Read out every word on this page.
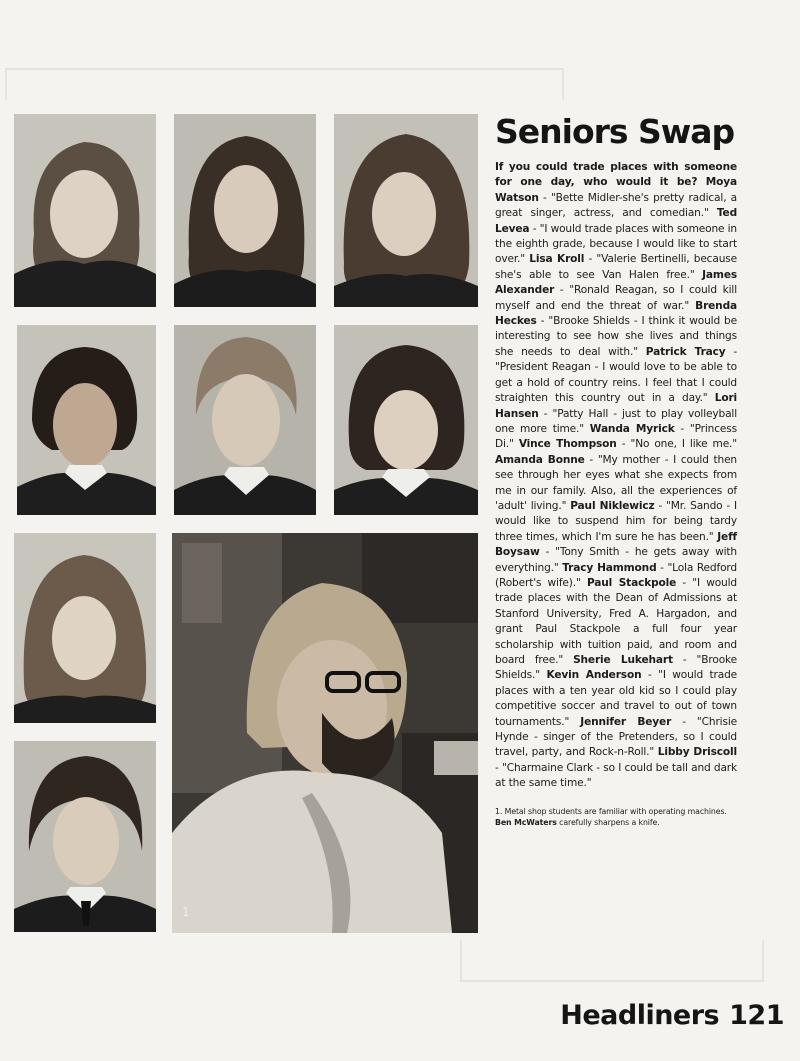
1
Seniors Swap

If you could trade places with someone for one day, who would it be? Moya Watson - "Bette Midler-she's pretty radical, a great singer, actress, and comedian." Ted Levea - "I would trade places with someone in the eighth grade, because I would like to start over." Lisa Kroll - "Valerie Bertinelli, because she's able to see Van Halen free." James Alexander - "Ronald Reagan, so I could kill myself and end the threat of war." Brenda Heckes - "Brooke Shields - I think it would be interesting to see how she lives and things she needs to deal with." Patrick Tracy - "President Reagan - I would love to be able to get a hold of country reins. I feel that I could straighten this country out in a day." Lori Hansen - "Patty Hall - just to play volleyball one more time." Wanda Myrick - "Princess Di." Vince Thompson - "No one, I like me." Amanda Bonne - "My mother - I could then see through her eyes what she expects from me in our family. Also, all the experiences of 'adult' living." Paul Niklewicz - "Mr. Sando - I would like to suspend him for being tardy three times, which I'm sure he has been." Jeff Boysaw - "Tony Smith - he gets away with everything." Tracy Hammond - "Lola Redford (Robert's wife)." Paul Stackpole - "I would trade places with the Dean of Admissions at Stanford University, Fred A. Hargadon, and grant Paul Stackpole a full four year scholarship with tuition paid, and room and board free." Sherie Lukehart - "Brooke Shields." Kevin Anderson - "I would trade places with a ten year old kid so I could play competitive soccer and travel to out of town tournaments." Jennifer Beyer - "Chrisie Hynde - singer of the Pretenders, so I could travel, party, and Rock-n-Roll." Libby Driscoll - "Charmaine Clark - so I could be tall and dark at the same time."

1. Metal shop students are familiar with operating machines. Ben McWaters carefully sharpens a knife.

Headliners 121
